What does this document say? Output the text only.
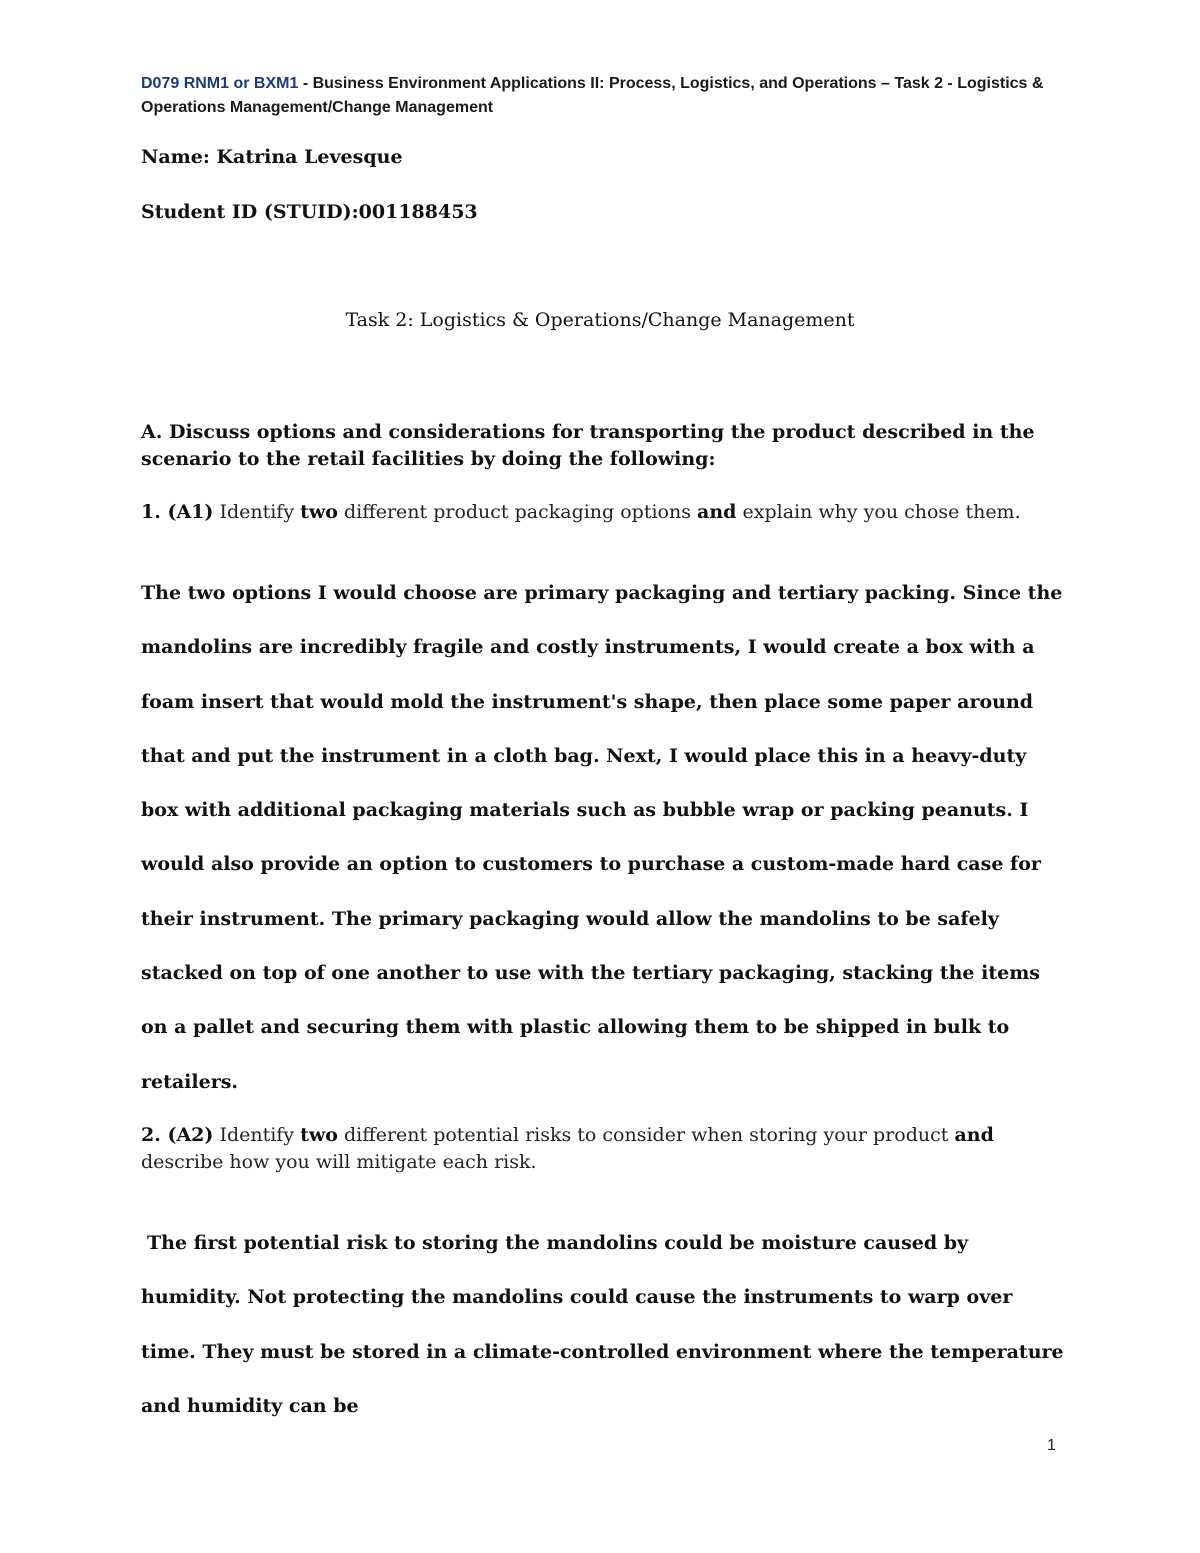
D079 RNM1 or BXM1 - Business Environment Applications II: Process, Logistics, and Operations – Task 2 - Logistics & Operations Management/Change Management
Name: Katrina Levesque
Student ID (STUID):001188453
Task 2: Logistics & Operations/Change Management
A. Discuss options and considerations for transporting the product described in the scenario to the retail facilities by doing the following:
1. (A1) Identify two different product packaging options and explain why you chose them.

The two options I would choose are primary packaging and tertiary packing. Since the mandolins are incredibly fragile and costly instruments, I would create a box with a foam insert that would mold the instrument's shape, then place some paper around that and put the instrument in a cloth bag. Next, I would place this in a heavy-duty box with additional packaging materials such as bubble wrap or packing peanuts. I would also provide an option to customers to purchase a custom-made hard case for their instrument. The primary packaging would allow the mandolins to be safely stacked on top of one another to use with the tertiary packaging, stacking the items on a pallet and securing them with plastic allowing them to be shipped in bulk to retailers.

2. (A2) Identify two different potential risks to consider when storing your product and describe how you will mitigate each risk.

The first potential risk to storing the mandolins could be moisture caused by humidity. Not protecting the mandolins could cause the instruments to warp over time. They must be stored in a climate-controlled environment where the temperature and humidity can be

1
